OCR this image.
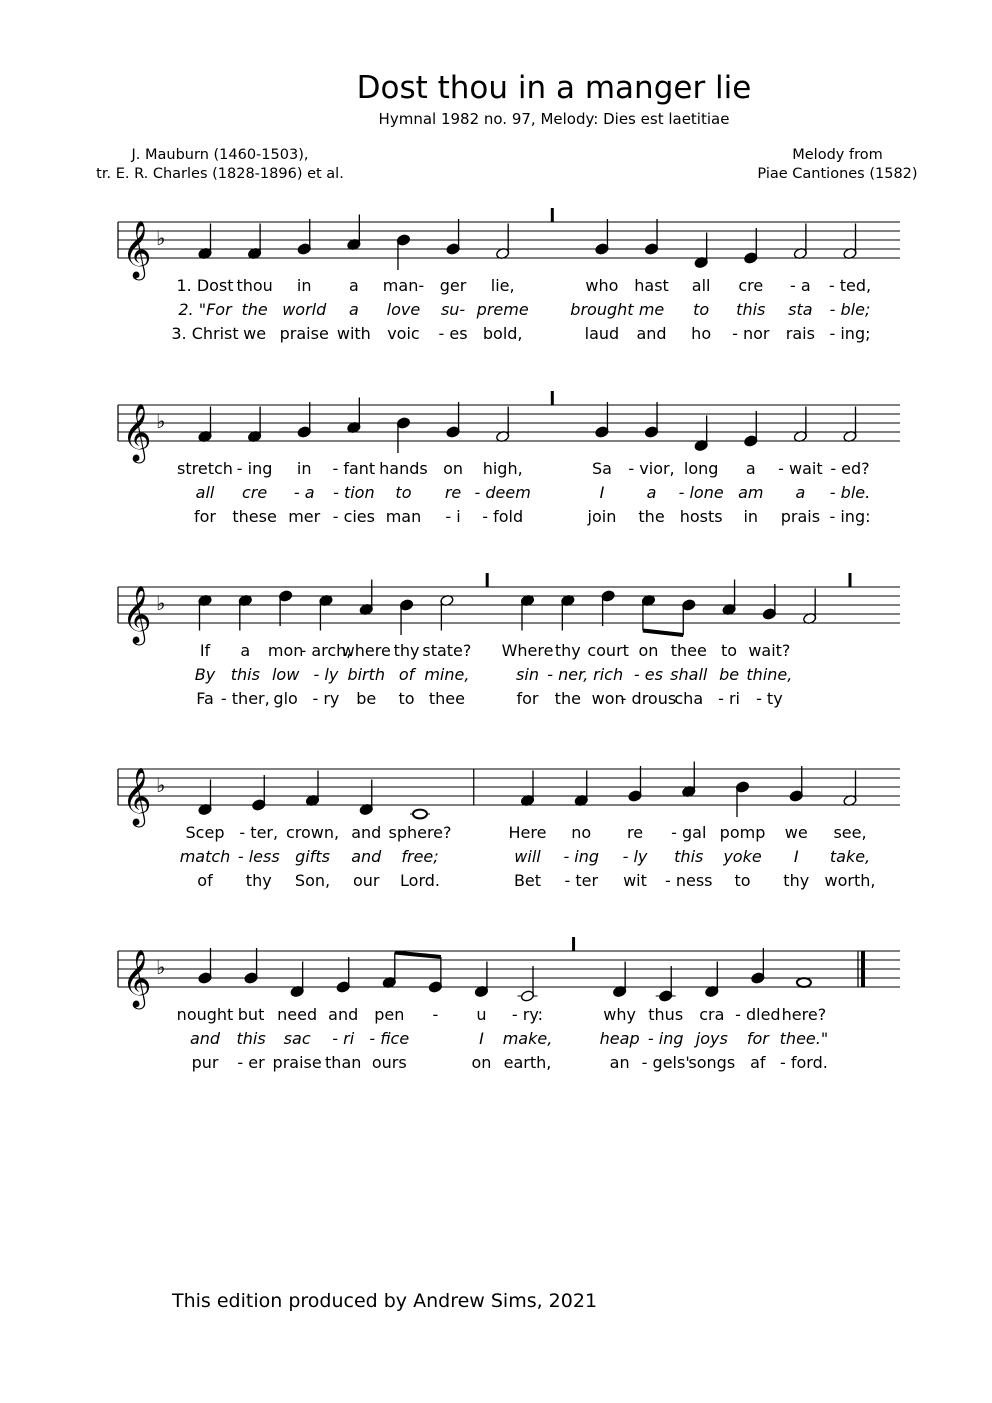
Dost thou in a manger lie
Hymnal 1982 no. 97, Melody: Dies est laetitiae
J. Mauburn (1460-1503),
tr. E. R. Charles (1828-1896) et al.
Melody from
Piae Cantiones (1582)
𝄞 ♭
1. Dost thou in a man- ger lie,	who hast all cre - a - ted,
2. "For the world a love su- preme	brought me to this sta - ble;
3. Christ we praise with voic - es bold,	laud and ho - nor rais - ing;
𝄞 ♭
stretch - ing in - fant hands on high,	Sa - vior, long a - wait - ed?
all cre - a - tion to re - deem	I	a - lone am a - ble.
for these mer - cies man - i - fold	join the hosts in prais - ing:
𝄞 ♭
If a mon
- arch,
where thy state? Where thy court on thee to wait?
By this low - ly birth of mine,	sin - ner, rich - es shall be thine,
Fa - ther, glo - ry be to thee	for the won
- drous
cha - ri - ty
𝄞 ♭
Scep - ter, crown, and sphere?	Here no re - gal pomp we see,
match - less gifts and free;	will - ing - ly this yoke I take,
of thy Son, our Lord.	Bet - ter wit - ness to thy worth,
𝄞 ♭
nought but need and pen - u - ry:	why thus cra - dled here?
and this sac - ri - fice	I make,	heap - ing joys for thee."
pur - er praise than ours	on earth,	an - gels'
songs af - ford.
This edition produced by Andrew Sims, 2021
